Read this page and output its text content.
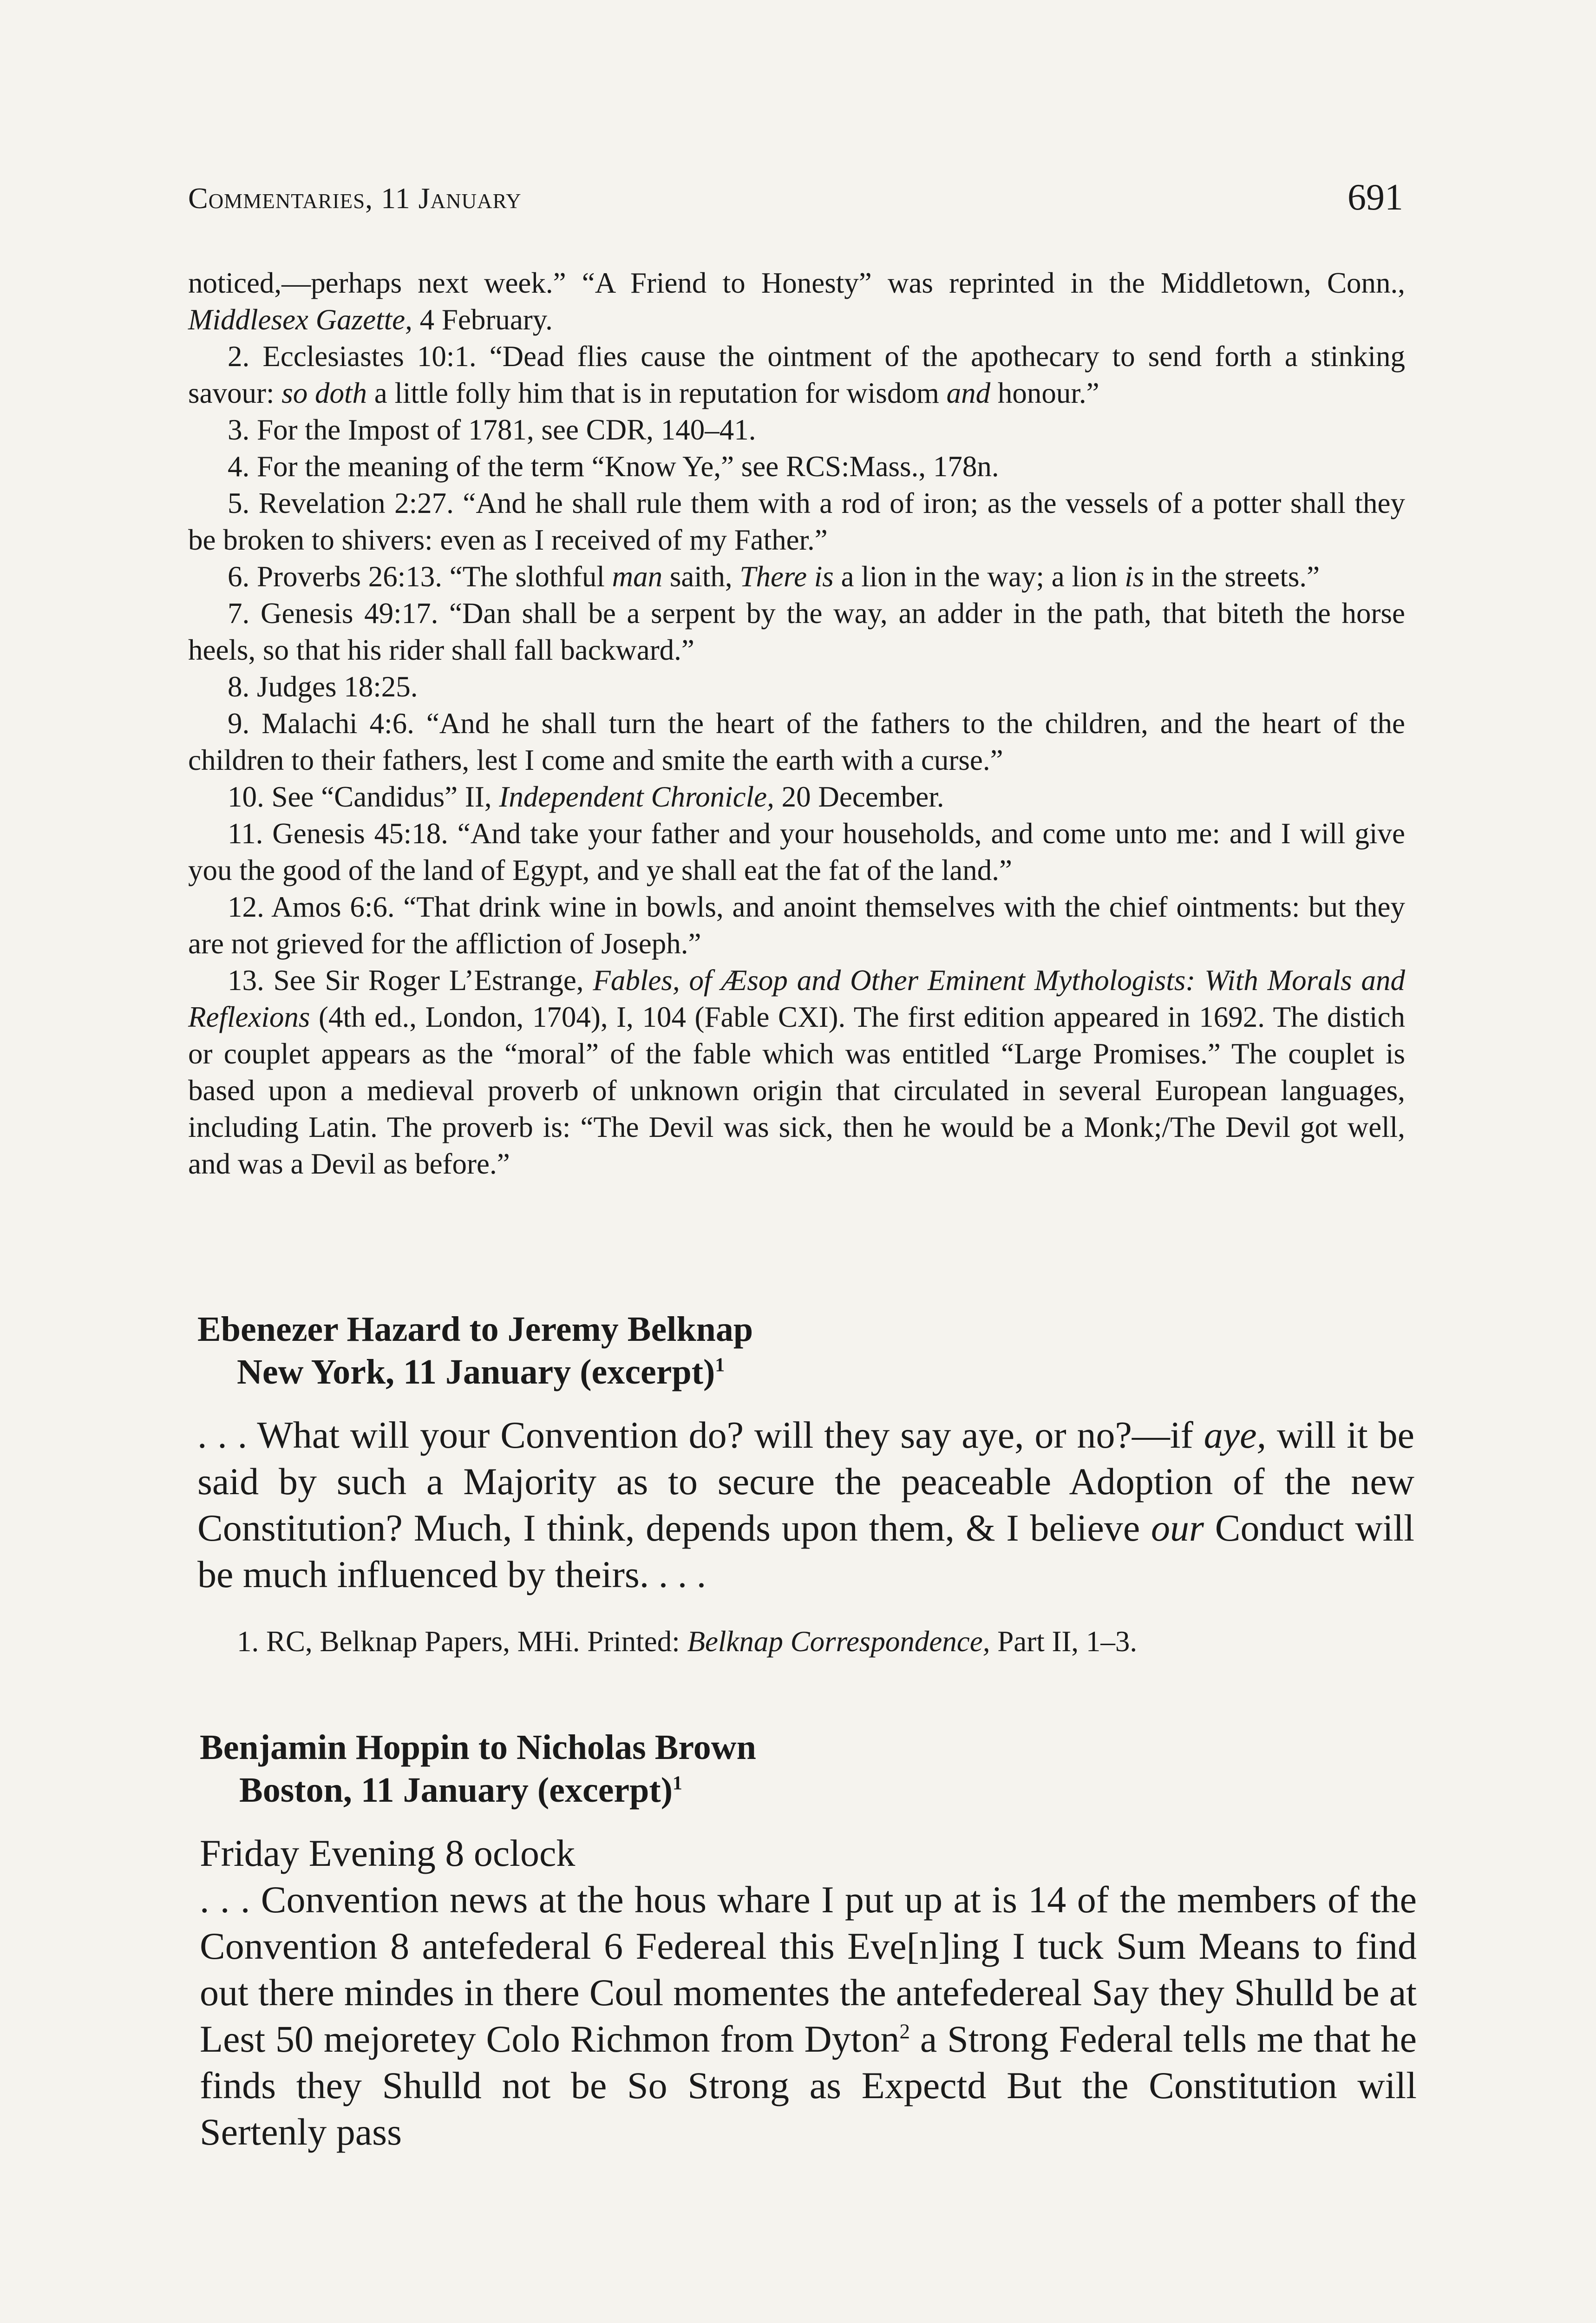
Commentaries, 11 January	691

noticed,—perhaps next week.” “A Friend to Honesty” was reprinted in the Middletown, Conn., Middlesex Gazette, 4 February.

2. Ecclesiastes 10:1. “Dead flies cause the ointment of the apothecary to send forth a stinking savour: so doth a little folly him that is in reputation for wisdom and honour.”

3. For the Impost of 1781, see CDR, 140–41.

4. For the meaning of the term “Know Ye,” see RCS:Mass., 178n.

5. Revelation 2:27. “And he shall rule them with a rod of iron; as the vessels of a potter shall they be broken to shivers: even as I received of my Father.”

6. Proverbs 26:13. “The slothful man saith, There is a lion in the way; a lion is in the streets.”

7. Genesis 49:17. “Dan shall be a serpent by the way, an adder in the path, that biteth the horse heels, so that his rider shall fall backward.”

8. Judges 18:25.

9. Malachi 4:6. “And he shall turn the heart of the fathers to the children, and the heart of the children to their fathers, lest I come and smite the earth with a curse.”

10. See “Candidus” II, Independent Chronicle, 20 December.

11. Genesis 45:18. “And take your father and your households, and come unto me: and I will give you the good of the land of Egypt, and ye shall eat the fat of the land.”

12. Amos 6:6. “That drink wine in bowls, and anoint themselves with the chief ointments: but they are not grieved for the affliction of Joseph.”

13. See Sir Roger L’Estrange, Fables, of Æsop and Other Eminent Mythologists: With Morals and Reflexions (4th ed., London, 1704), I, 104 (Fable CXI). The first edition appeared in 1692. The distich or couplet appears as the “moral” of the fable which was entitled “Large Promises.” The couplet is based upon a medieval proverb of unknown origin that circulated in several European languages, including Latin. The proverb is: “The Devil was sick, then he would be a Monk;/The Devil got well, and was a Devil as before.”

Ebenezer Hazard to Jeremy Belknap
New York, 11 January (excerpt)$^1$

. . . What will your Convention do? will they say aye, or no?—if aye, will it be said by such a Majority as to secure the peaceable Adoption of the new Constitution? Much, I think, depends upon them, & I believe our Conduct will be much influenced by theirs. . . .

1. RC, Belknap Papers, MHi. Printed: Belknap Correspondence, Part II, 1–3.

Benjamin Hoppin to Nicholas Brown
Boston, 11 January (excerpt)$^1$

Friday Evening 8 oclock

. . . Convention news at the hous whare I put up at is 14 of the members of the Convention 8 antefederal 6 Federeal this Eve[n]ing I tuck Sum Means to find out there mindes in there Coul momentes the antefedereal Say they Shulld be at Lest 50 mejoretey Colo Richmon from Dyton$^2$ a Strong Federal tells me that he finds they Shulld not be So Strong as Expectd But the Constitution will Sertenly pass
